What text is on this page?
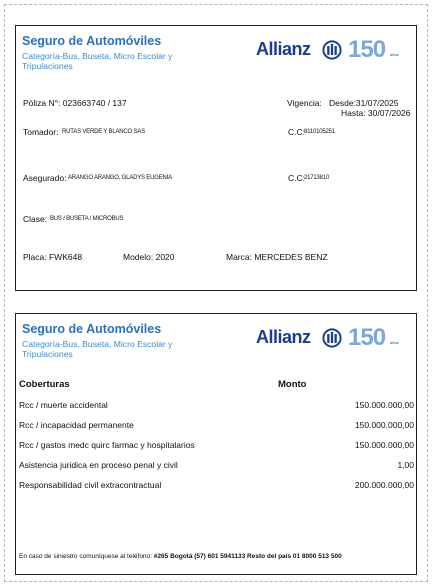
Seguro de Automóviles
Categoría-Bus, Buseta, Micro Escolar y Tripulaciones
Allianz 150 años
Póliza N°: 023663740 / 137	Vigencia: Desde:31/07/2025
Hasta: 30/07/2026
Tomador: RUTAS VERDE Y BLANCO SAS	C.C: 8110105251
Asegurado: ARANGO ARANGO, GLADYS EUGENIA	C.C: 21713810
Clase: BUS / BUSETA / MICROBUS
Placa: FWK648	Modelo: 2020	Marca: MERCEDES BENZ
Seguro de Automóviles
Categoría-Bus, Buseta, Micro Escolar y Tripulaciones
Allianz 150 años
Coberturas	Monto
Rcc / muerte accidental	150.000.000,00
Rcc / incapacidad permanente	150.000.000,00
Rcc / gastos medc quirc farmac y hospitalarios	150.000.000,00
Asistencia juridica en proceso penal y civil	1,00
Responsabilidad civil extracontractual	200.000.000,00
En caso de siniestro comuníquese al teléfono: #265 Bogotá (57) 601 5941133 Resto del país 01 8000 513 500
